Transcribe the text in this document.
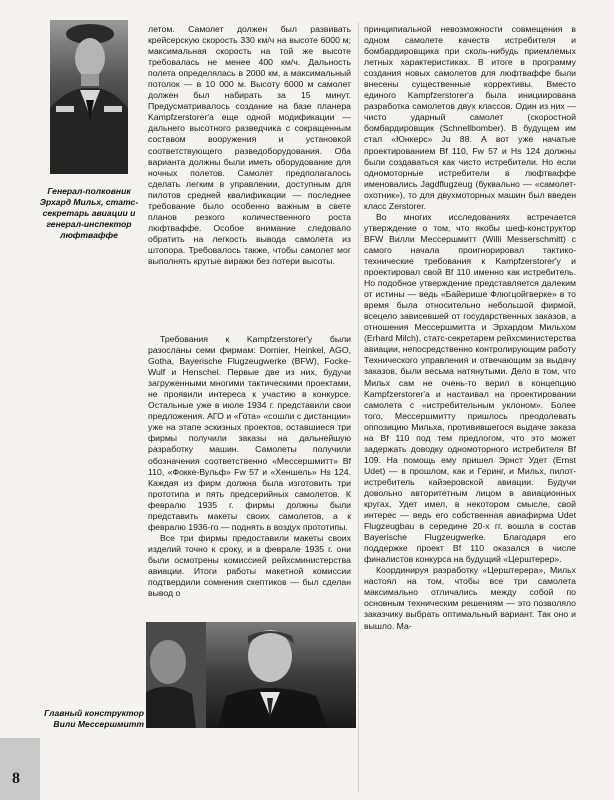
Генерал-полковник Эрхард Мильх, статс-секретарь авиации и генерал-инспектор люфтваффе
Главный конструктор Вили Мессершмитт

летом. Самолет должен был развивать крейсерскую скорость 330 км/ч на высоте 6000 м; максимальная скорость на той же высоте требовалась не менее 400 км/ч. Дальность полета определялась в 2000 км, а максимальный потолок — в 10 000 м. Высоту 6000 м самолет должен был набирать за 15 минут. Предусматривалось создание на базе планера Kampfzerstorer'а еще одной модификации — дальнего высотного разведчика с сокращенным составом вооружения и установкой соответствующего разведоборудования. Оба варианта должны были иметь оборудование для ночных полетов. Самолет предполагалось сделать легким в управлении, доступным для пилотов средней квалификации — последнее требование было особенно важным в свете планов резкого количественного роста люфтваффе. Особое внимание следовало обратить на легкость вывода самолета из штопора. Требовалось также, чтобы самолет мог выполнять крутые виражи без потери высоты.

Требования к Kampfzerstorer'у были разосланы семи фирмам: Dornier, Heinkel, AGO, Gotha, Bayerische Flugzeugwerke (BFW), Focke-Wulf и Henschel. Первые две из них, будучи загруженными многими тактическими проектами, не проявили интереса к участию в конкурсе. Остальные уже в июле 1934 г. представили свои предложения. АГО и «Гота» «сошли с дистанции» уже на этапе эскизных проектов, оставшиеся три фирмы получили заказы на дальнейшую разработку машин. Самолеты получили обозначения соответственно «Мессершмитт» Bf 110, «Фокке-Вульф» Fw 57 и «Хеншель» Hs 124. Каждая из фирм должна была изготовить три прототипа и пять предсерийных самолетов. К февралю 1935 г. фирмы должны были представить макеты своих самолетов, а к февралю 1936-го — поднять в воздух прототипы.

Все три фирмы предоставили макеты своих изделий точно к сроку, и в феврале 1935 г. они были осмотрены комиссией рейхсминистерства авиации. Итоги работы макетной комиссии подтвердили сомнения скептиков — был сделан вывод о

принципиальной невозможности совмещения в одном самолете качеств истребителя и бомбардировщика при сколь-нибудь приемлемых летных характеристиках. В итоге в программу создания новых самолетов для люфтваффе были внесены существенные коррективы. Вместо единого Kampfzerstorer'а была инициирована разработка самолетов двух классов. Один из них — чисто ударный самолет (скоростной бомбардировщик (Schnellbomber). В будущем им стал «Юнкерс» Ju 88. А вот уже начатые проектированием Bf 110, Fw 57 и Hs 124 должны были создаваться как чисто истребители. Но если одномоторные истребители в люфтваффе именовались Jagdflugzeug (буквально — «самолет-охотник»), то для двухмоторных машин был введен класс Zerstorer.

Во многих исследованиях встречается утверждение о том, что якобы шеф-конструктор BFW Вилли Мессершмитт (Willi Messerschmitt) с самого начала проигнорировал тактико-технические требования к Kampfzerstorer'у и проектировал свой Bf 110 именно как истребитель. Но подобное утверждение представляется далеким от истины — ведь «Байерише Флюгцойгверке» в то время была относительно небольшой фирмой, всецело зависевшей от государственных заказов, а отношения Мессершмитта и Эрхардом Мильхом (Erhard Milch), статс-секретарем рейхсминистерства авиации, непосредственно контролирующим работу Технического управления и отвечающим за выдачу заказов, были весьма натянутыми. Дело в том, что Мильх сам не очень-то верил в концепцию Kampfzerstorer'а и настаивал на проектировании самолета с «истребительным уклоном». Более того, Мессершмитту пришлось преодолевать оппозицию Мильха, противившегося выдаче заказа на Bf 110 под тем предлогом, что это может задержать доводку одномоторного истребителя Bf 109. На помощь ему пришел Эрнст Удет (Ernst Udet) — в прошлом, как и Геринг, и Мильх, пилот-истребитель кайзеровской авиации. Будучи довольно авторитетным лицом в авиационных кругах, Удет имел, в некотором смысле, свой интерес — ведь его собственная авиафирма Udet Flugzeugbau в середине 20-х гг. вошла в состав Bayerische Flugzeugwerke. Благодаря его поддержке проект Bf 110 оказался в числе финалистов конкурса на будущий «Церштерер».

Координируя разработку «Церштерера», Мильх настоял на том, чтобы все три самолета максимально отличались между собой по основным техническим решениям — это позволяло заказчику выбрать оптимальный вариант. Так оно и вышло. Ма-

8
